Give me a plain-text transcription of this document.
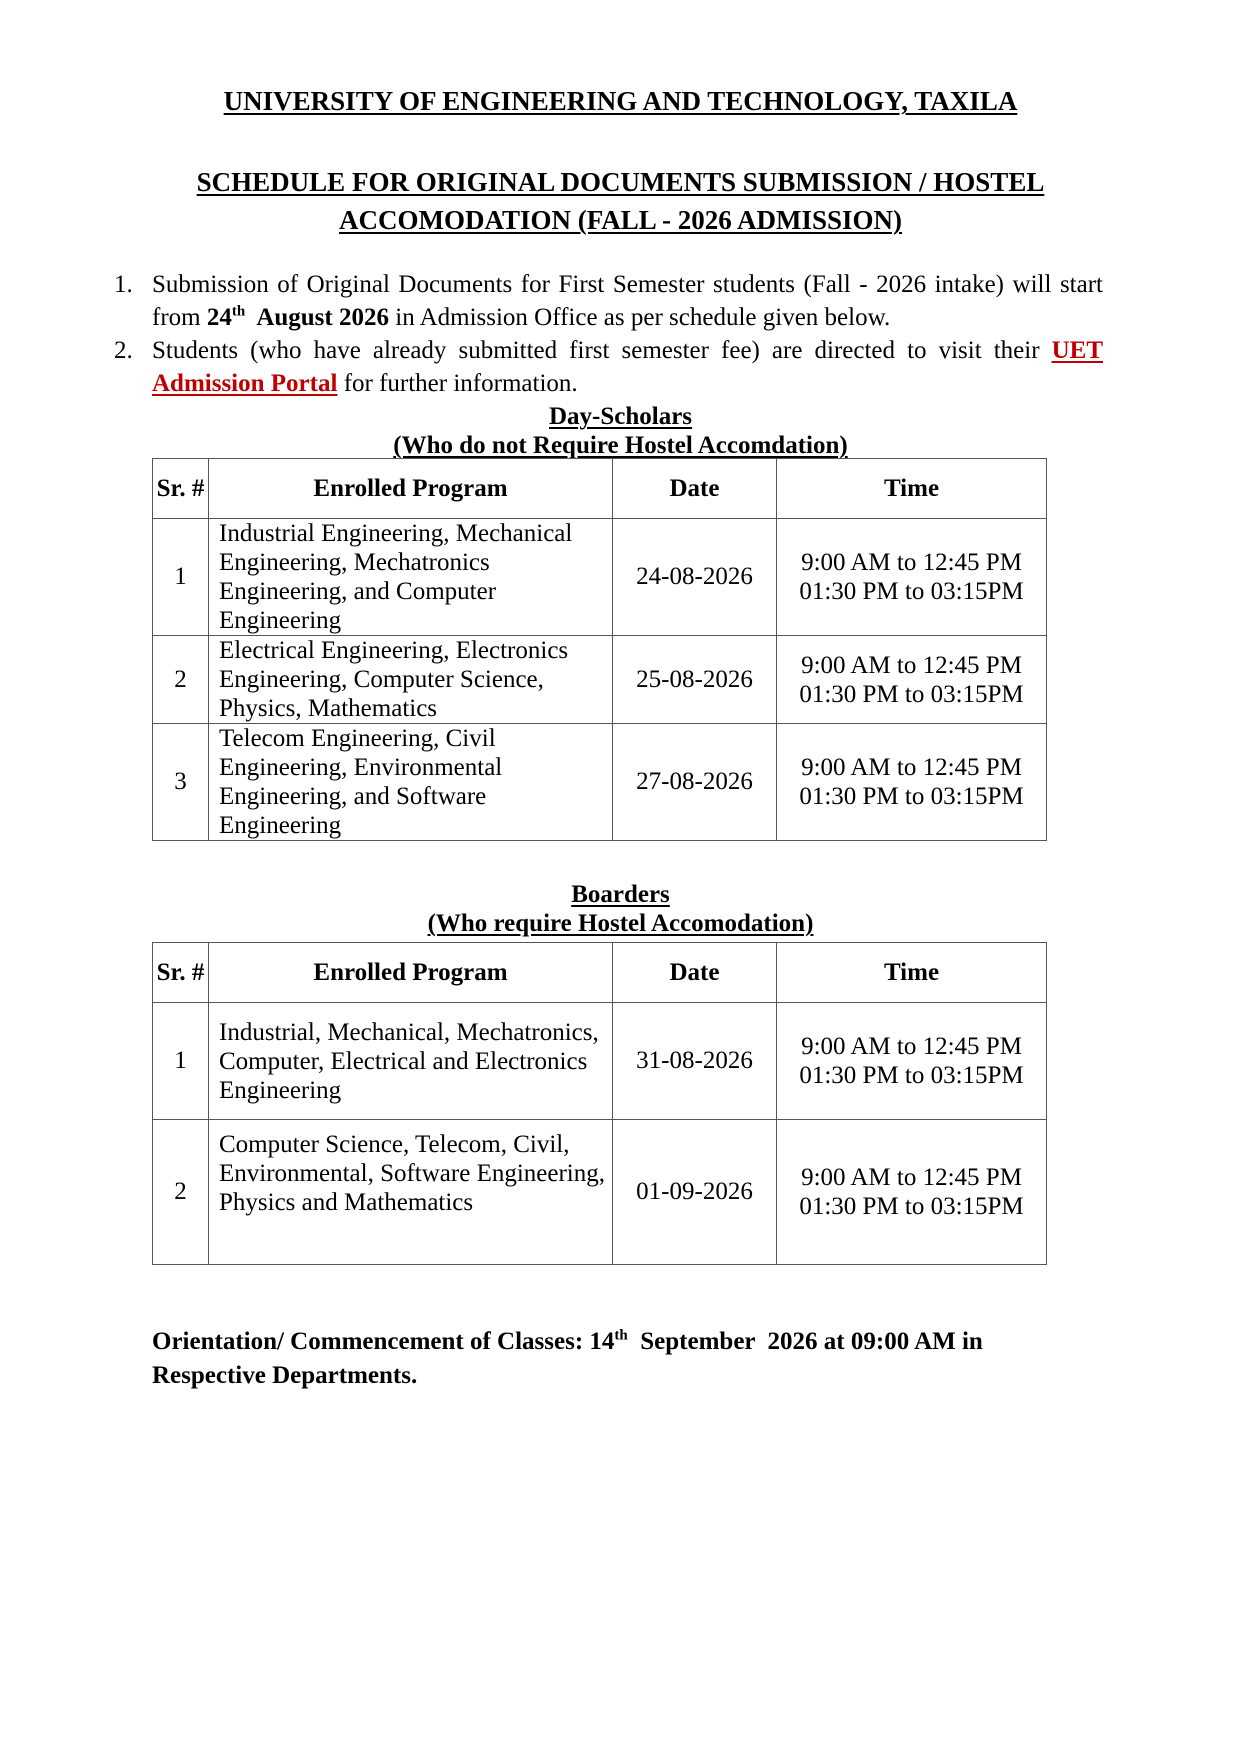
UNIVERSITY OF ENGINEERING AND TECHNOLOGY, TAXILA
SCHEDULE FOR ORIGINAL DOCUMENTS SUBMISSION / HOSTEL
ACCOMODATION (FALL - 2026 ADMISSION)
1. Submission of Original Documents for First Semester students (Fall - 2026 intake) will start from 24th  August 2026 in Admission Office as per schedule given below.
2. Students (who have already submitted first semester fee) are directed to visit their UET Admission Portal for further information.
Day-Scholars
(Who do not Require Hostel Accomdation)
Sr. #	Enrolled Program	Date	Time
1	Industrial Engineering, Mechanical Engineering, Mechatronics Engineering, and Computer Engineering	24-08-2026	9:00 AM to 12:45 PM
01:30 PM to 03:15PM
2	Electrical Engineering, Electronics Engineering, Computer Science, Physics, Mathematics	25-08-2026	9:00 AM to 12:45 PM
01:30 PM to 03:15PM
3	Telecom Engineering, Civil Engineering, Environmental Engineering, and Software Engineering	27-08-2026	9:00 AM to 12:45 PM
01:30 PM to 03:15PM
Boarders
(Who require Hostel Accomodation)
Sr. #	Enrolled Program	Date	Time
1	Industrial, Mechanical, Mechatronics, Computer, Electrical and Electronics Engineering	31-08-2026	9:00 AM to 12:45 PM
01:30 PM to 03:15PM
2	Computer Science, Telecom, Civil, Environmental, Software Engineering, Physics and Mathematics	01-09-2026	9:00 AM to 12:45 PM
01:30 PM to 03:15PM
Orientation/ Commencement of Classes: 14th  September  2026 at 09:00 AM in Respective Departments.
